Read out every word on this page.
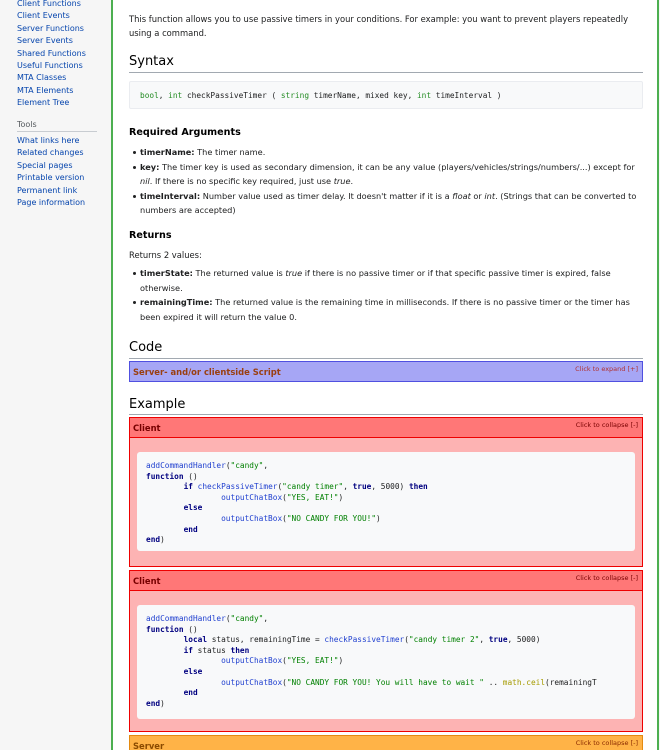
Client Functions
Client Events
Server Functions
Server Events
Shared Functions
Useful Functions
MTA Classes
MTA Elements
Element Tree
Tools
What links here
Related changes
Special pages
Printable version
Permanent link
Page information

This function allows you to use passive timers in your conditions. For example: you want to prevent players repeatedly using a command.

Syntax
bool, int checkPassiveTimer ( string timerName, mixed key, int timeInterval )
Required Arguments
timerName: The timer name.
key: The timer key is used as secondary dimension, it can be any value (players/vehicles/strings/numbers/...) except for nil. If there is no specific key required, just use true.
timeInterval: Number value used as timer delay. It doesn't matter if it is a float or int. (Strings that can be converted to numbers are accepted)
Returns

Returns 2 values:

timerState: The returned value is true if there is no passive timer or if that specific passive timer is expired, false otherwise.
remainingTime: The returned value is the remaining time in milliseconds. If there is no passive timer or the timer has been expired it will return the value 0.
Code
Server- and/or clientside Script	Click to expand [+]
Example
Client	Click to collapse [-]
addCommandHandler("candy",
function ()
if checkPassiveTimer("candy timer", true, 5000) then
outputChatBox("YES, EAT!")
else
outputChatBox("NO CANDY FOR YOU!")
end
end)
Client	Click to collapse [-]
addCommandHandler("candy",
function ()
local status, remainingTime = checkPassiveTimer("candy timer 2", true, 5000)
if status then
outputChatBox("YES, EAT!")
else
outputChatBox("NO CANDY FOR YOU! You will have to wait " .. math.ceil(remainingT
end
end)
Server	Click to collapse [-]
